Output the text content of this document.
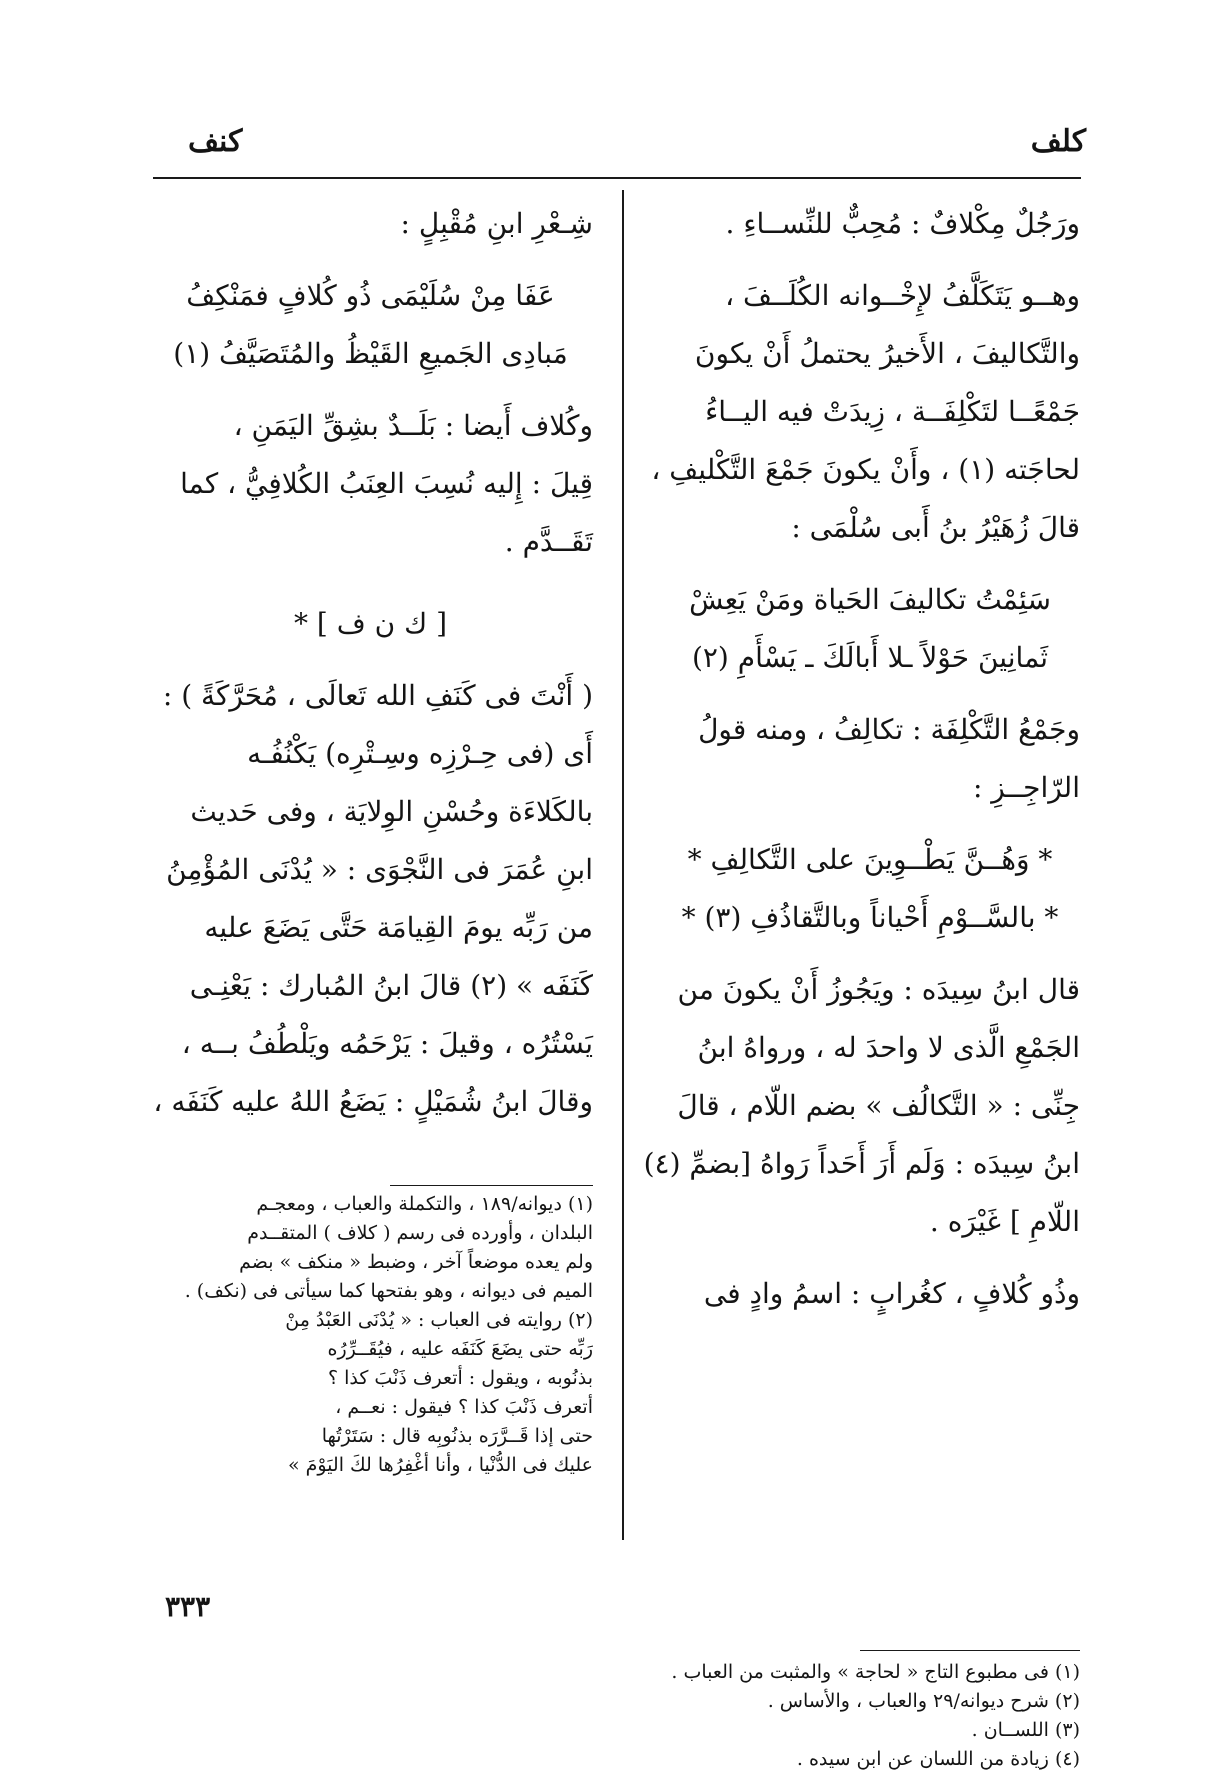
كلف
كنف
ورَجُلٌ مِكْلافٌ : مُحِبٌّ للنِّســاءِ .
وهــو يَتَكَلَّفُ لإِخْــوانه الكُلَــفَ ،
والتَّكاليفَ ، الأَخيرُ يحتملُ أَنْ يكونَ
جَمْعًــا لتَكْلِفَــة ، زِيدَتْ فيه اليــاءُ
لحاجَته (١) ، وأَنْ يكونَ جَمْعَ التَّكْليفِ ،
قالَ زُهَيْرُ بنُ أَبى سُلْمَى :
سَئِمْتُ تكاليفَ الحَياة ومَنْ يَعِشْ
ثَمانِينَ حَوْلاً ـلا أَبالَكَ ـ يَسْأَمِ (٢)
وجَمْعُ التَّكْلِفَة : تكالِفُ ، ومنه قولُ
الرّاجِــزِ :
* وَهُــنَّ يَطْــوِينَ على التَّكالِفِ *
* بالسَّــوْمِ أَحْياناً وبالتَّقاذُفِ (٣) *
قال ابنُ سِيدَه : ويَجُوزُ أَنْ يكونَ من
الجَمْعِ الَّذى لا واحدَ له ، ورواهُ ابنُ
جِنِّى : « التَّكالُف » بضم اللّام ، قالَ
ابنُ سِيدَه : وَلَم أَرَ أَحَداً رَواهُ [بضمِّ (٤)
اللّامِ ] غَيْرَه .
وذُو كُلافٍ ، كغُرابٍ : اسمُ وادٍ فى
(١) فى مطبوع التاج « لحاجة » والمثبت من العباب .
(٢) شرح ديوانه/٢٩ والعباب ، والأساس .
(٣) اللســان .
(٤) زيادة من اللسان عن ابن سيده .
شِـعْرِ ابنِ مُقْبِلٍ :
عَفَا مِنْ سُلَيْمَى ذُو كُلافٍ فمَنْكِفُ
مَبادِى الجَميعِ القَيْظُ والمُتَصَيَّفُ (١)
وكُلاف أَيضا : بَلَــدٌ بشِقِّ اليَمَنِ ،
قِيلَ : إِليه نُسِبَ العِنَبُ الكُلافِيُّ ، كما
تَقَــدَّم .
[ ك ن ف ] *
( أَنْتَ فى كَنَفِ الله تَعالَى ، مُحَرَّكَةً ) :
أَى (فى حِـرْزِه وسِـتْرِه) يَكْنُفُـه
بالكَلاءَة وحُسْنِ الوِلايَة ، وفى حَديث
ابنِ عُمَرَ فى النَّجْوَى : « يُدْنَى المُؤْمِنُ
من رَبِّه يومَ القِيامَة حَتَّى يَضَعَ عليه
كَنَفَه » (٢) قالَ ابنُ المُبارك : يَعْنِـى
يَسْتُرُه ، وقيلَ : يَرْحَمُه ويَلْطُفُ بــه ،
وقالَ ابنُ شُمَيْلٍ : يَضَعُ اللهُ عليه كَنَفَه ،
(١) ديوانه/١٨٩ ، والتكملة والعباب ، ومعجـم
البلدان ، وأورده فى رسم ( كلاف ) المتقــدم
ولم يعده موضعاً آخر ، وضبط « منكف » بضم
الميم فى ديوانه ، وهو بفتحها كما سيأتى فى (نكف) .
(٢) روايته فى العباب : « يُدْنَى العَبْدُ مِنْ
رَبِّه حتى يضَعَ كَنَفَه عليه ، فيُقَــرِّرُه
بذنُوبه ، ويقول : أتعرف ذَنْبَ كذا ؟
أتعرف ذَنْبَ كذا ؟ فيقول : نعــم ،
حتى إذا قَــرَّرَه بذنُوبِه قال : سَتَرْتُها
عليك فى الدُّنْيا ، وأنا أغْفِرُها لكَ اليَوْمَ »
٣٣٣
